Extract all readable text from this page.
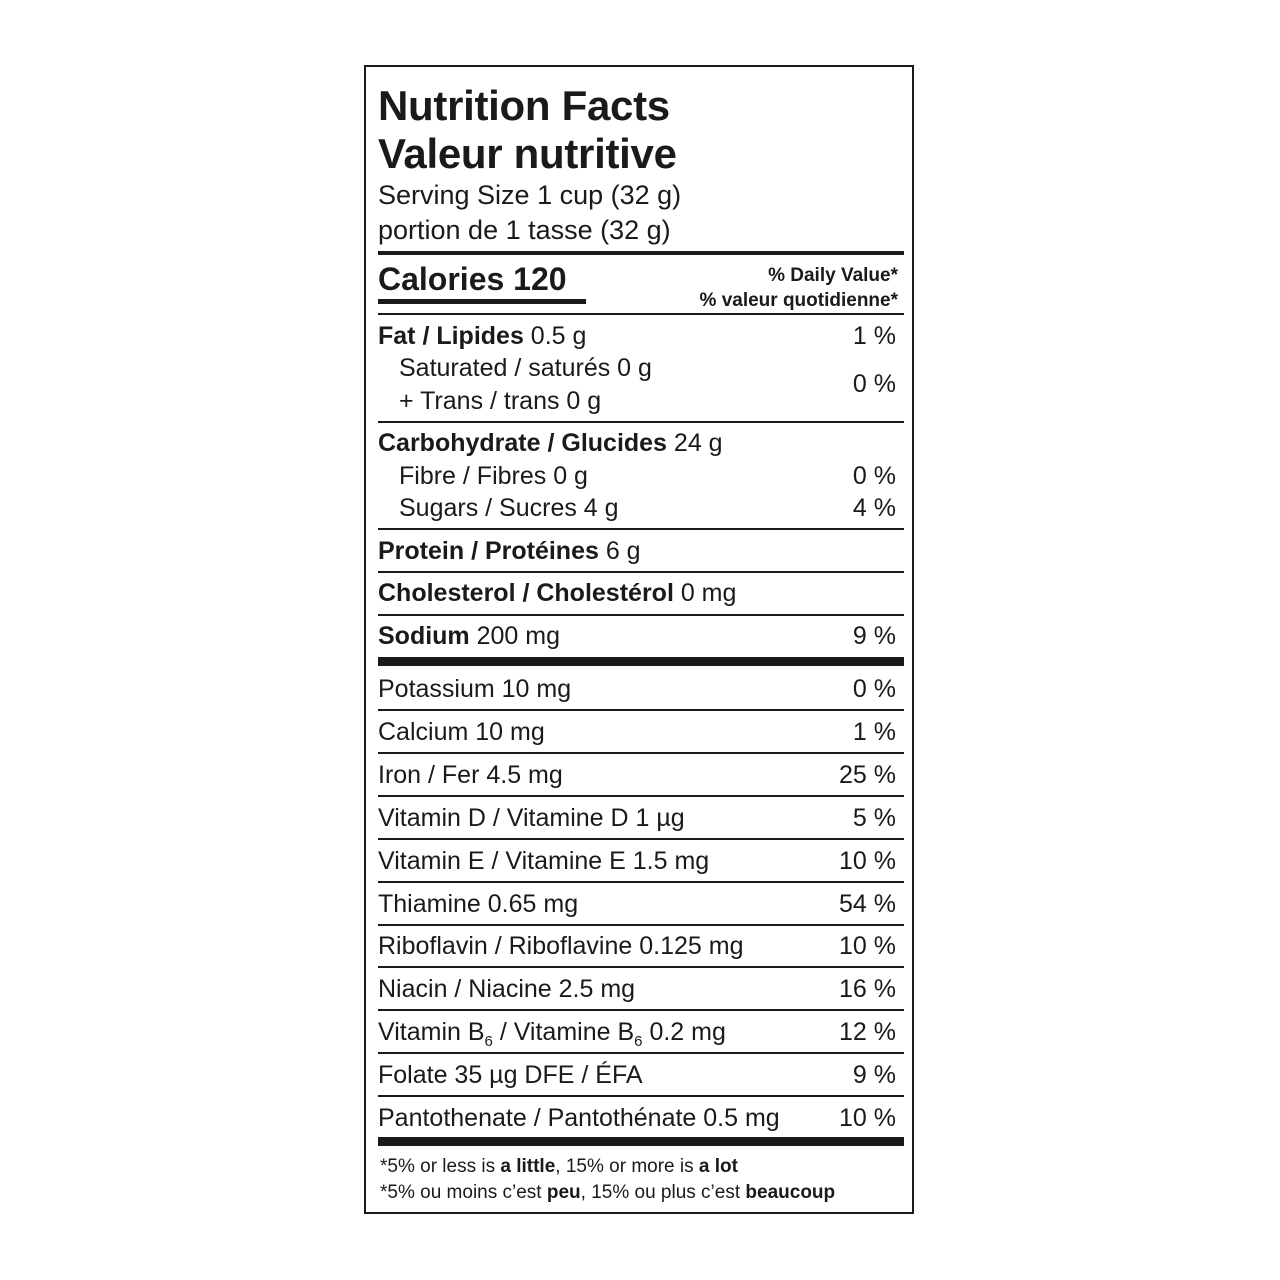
Nutrition Facts
Valeur nutritive
Serving Size 1 cup (32 g)
portion de 1 tasse (32 g)
Calories 120	% Daily Value*
% valeur quotidienne*
Fat / Lipides 0.5 g	1 %
Saturated / saturés 0 g
+ Trans / trans 0 g
0 %
Carbohydrate / Glucides 24 g
Fibre / Fibres 0 g	0 %
Sugars / Sucres 4 g	4 %
Protein / Protéines 6 g
Cholesterol / Cholestérol 0 mg
Sodium 200 mg	9 %
Potassium 10 mg	0 %
Calcium 10 mg	1 %
Iron / Fer 4.5 mg	25 %
Vitamin D / Vitamine D 1 µg	5 %
Vitamin E / Vitamine E 1.5 mg	10 %
Thiamine 0.65 mg	54 %
Riboflavin / Riboflavine 0.125 mg	10 %
Niacin / Niacine 2.5 mg	16 %
Vitamin $B_6$ / Vitamine $B_6$ 0.2 mg	12 %
Folate 35 µg DFE / ÉFA	9 %
Pantothenate / Pantothénate 0.5 mg 10 %
*5% or less is a little, 15% or more is a lot
*5% ou moins c’est peu, 15% ou plus c’est beaucoup
